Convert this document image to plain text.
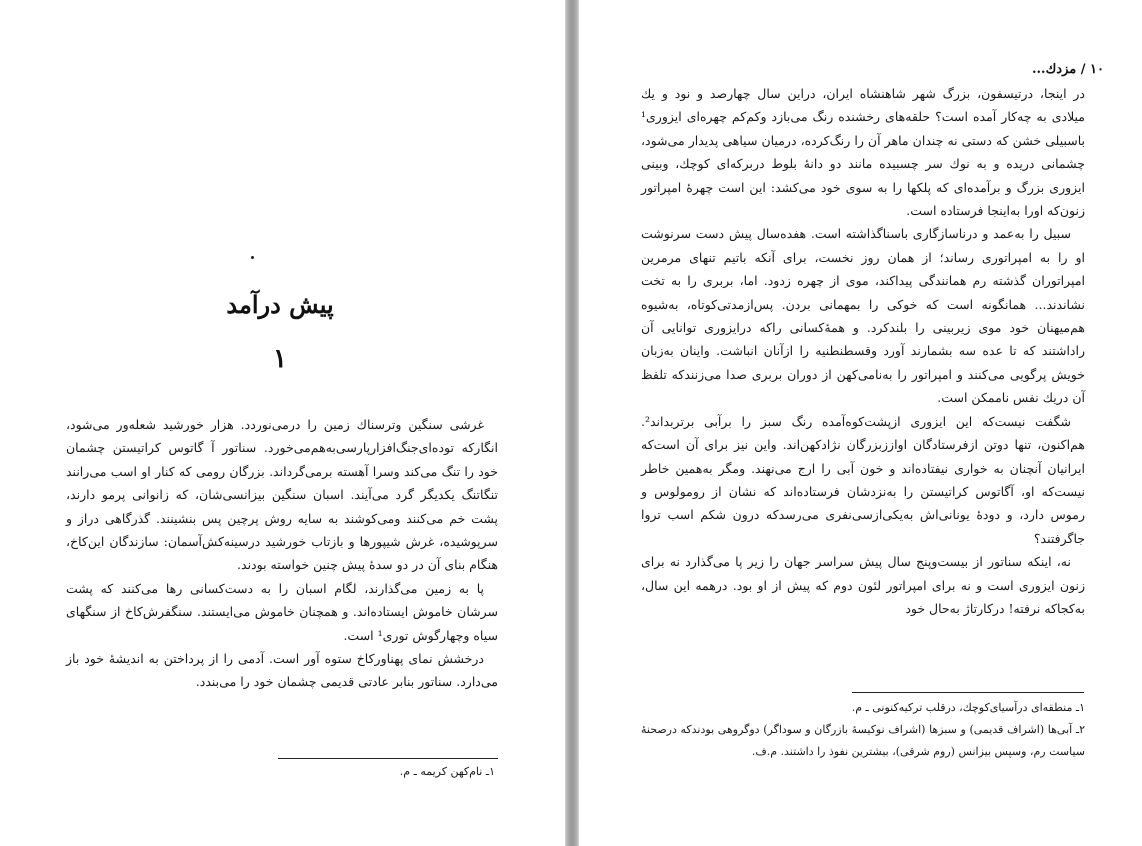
پیش درآمد
۱

غرشی سنگین وترسناك زمین را درمی‌نوردد. هزار خورشید شعله‌ور می‌شود، انگارکه توده‌ای‌جنگ‌افزارپارسی‌به‌هم‌می‌خورد. سناتور آ گاتوس کراتیستن چشمان خود را تنگ می‌کند وسرا آهسته برمی‌گرداند. بزرگان رومی که کنار او اسب می‌رانند تنگاتنگ یکدیگر گرد می‌آیند. اسبان سنگین بیزانسی‌شان، که زانوانی پرمو دارند، پشت خم می‌کنند ومی‌کوشند به سایه روش پرچین پس بنشینند. گذرگاهی دراز و سرپوشیده، غرش شیپورها و بازتاب خورشید درسینه‌کش‌آسمان: سازندگان این‌کاخ، هنگام بنای آن در دو سدهٔ پیش چنین خواسته بودند.

پا به زمین می‌گذارند، لگام اسبان را به دست‌کسانی رها می‌کنند که پشت سرشان خاموش ایستاده‌اند. و همچنان خاموش می‌ایستند. سنگفرش‌کاخ از سنگهای سیاه وچهارگوش توری¹ است.

درخشش نمای پهناورکاخ ستوه آور است. آدمی را از پرداختن به اندیشهٔ خود باز می‌دارد. سناتور بنابر عادتی قدیمی چشمان خود را می‌بندد.

۱ـ نام‌کهن کریمه ـ م.
۱۰ / مزدك...

در اینجا، درتیسفون، بزرگ شهر شاهنشاه ایران، دراین سال چهارصد و نود و یك میلادی به چه‌كار آمده است؟ حلقه‌های رخشنده رنگ می‌بازد وکم‌کم چهره‌ای ایزوری¹ باسبیلی خشن که دستی نه چندان ماهر آن را رنگ‌کرده، درمیان سیاهی پدیدار می‌شود، چشمانی دریده و به نوك سر چسبیده مانند دو دانهٔ بلوط دربرکه‌ای کوچك، وبینی ایزوری بزرگ و برآمده‌ای که پلكها را به سوی خود می‌کشد: این است چهرهٔ امپراتور زنون‌که اورا به‌اینجا فرستاده است.

سبیل را به‌عمد و درناسازگاری باسناگذاشته است. هفده‌سال پیش دست سرنوشت او را به امپراتوری رساند؛ از همان روز نخست، برای آنکه باتیم تنهای مرمرین امپراتوران گذشته رم همانندگی پیداکند، موی از چهره زدود. اما، بربری را به تخت نشاندند... همانگونه است که خوکی را بمهمانی بردن. پس‌ازمدتی‌کوتاه، به‌شیوه هم‌میهنان خود موی زیربینی را بلندکرد. و همهٔ‌کسانی راکه درایزوری توانایی آن راداشتند که تا عده سه بشمارند آورد وقسطنطنیه را ازآنان انباشت. واینان به‌زبان خویش پرگویی می‌کنند و امپراتور را به‌نامی‌کهن از دوران بربری صدا می‌زنندکه تلفظ آن دریك نفس ناممکن است.

شگفت نیست‌که این ایزوری ازپشت‌کوه‌آمده رنگ سبز را برآبی برتربداند². هم‌اکنون، تنها دوتن ازفرستادگان اواززبزرگان نژادکهن‌اند. واین نیز برای آن است‌که ایرانیان آنچنان به خواری نیفتاده‌اند و خون آبی را ارج می‌نهند. ومگر به‌همین خاطر نیست‌که او، آگاتوس کراتیستن را به‌نزدشان فرستاده‌اند که نشان از رومولوس و رموس دارد، و دودهٔ یونانی‌اش به‌یکی‌ازسی‌نفری می‌رسدکه درون شکم اسب تروا جاگرفتند؟

نه، اینکه سناتور از بیست‌وپنج سال پیش سراسر جهان را زیر پا می‌گذارد نه برای زنون ایزوری است و نه برای امپراتور لئون دوم که پیش از او بود. درهمه این سال، به‌کجاکه نرفته! درکارتاژ به‌حال خود

۱ـ منطقه‌ای درآسیای‌کوچك، درقلب ترکیه‌کنونی ـ م.
۲ـ آبی‌ها (اشراف قدیمی) و سبزها (اشراف نوکیسهٔ بازرگان و سوداگر) دوگروهی بودندکه درصحنهٔ سیاست رم، وسپس بیزانس (روم شرقی)، بیشترین نفوذ را داشتند. م.ف.
